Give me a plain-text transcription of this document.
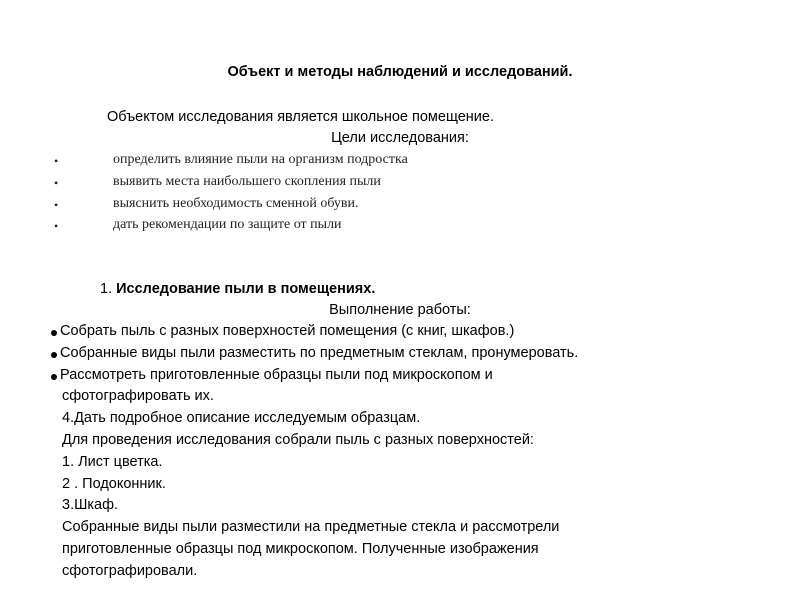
Объект и методы наблюдений и исследований.
Объектом исследования является школьное помещение.
Цели исследования:
•	определить влияние пыли на организм подростка
•	выявить места наибольшего скопления пыли
•	выяснить необходимость сменной обуви.
•	дать рекомендации по защите от пыли
1. Исследование пыли в помещениях.
Выполнение работы:
Собрать пыль с разных поверхностей помещения (с книг, шкафов.)
Собранные виды пыли разместить по предметным стеклам, пронумеровать.
Рассмотреть приготовленные образцы пыли под микроскопом и
сфотографировать их.
4.Дать подробное описание исследуемым образцам.
Для проведения исследования собрали пыль с разных поверхностей:
1. Лист цветка.
2 . Подоконник.
3.Шкаф.
Собранные виды пыли разместили на предметные стекла и рассмотрели
приготовленные образцы под микроскопом. Полученные изображения
сфотографировали.
